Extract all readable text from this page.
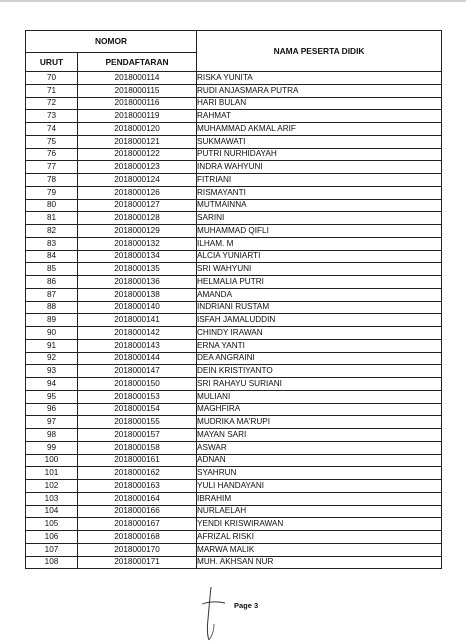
NOMOR		NAMA PESERTA DIDIK
URUT	PENDAFTARAN	
70	2018000114	RISKA YUNITA
71	2018000115	RUDI ANJASMARA PUTRA
72	2018000116	HARI BULAN
73	2018000119	RAHMAT
74	2018000120	MUHAMMAD AKMAL ARIF
75	2018000121	SUKMAWATI
76	2018000122	PUTRI NURHIDAYAH
77	2018000123	INDRA WAHYUNI
78	2018000124	FITRIANI
79	2018000126	RISMAYANTI
80	2018000127	MUTMAINNA
81	2018000128	SARINI
82	2018000129	MUHAMMAD QIFLI
83	2018000132	ILHAM. M
84	2018000134	ALCIA YUNIARTI
85	2018000135	SRI WAHYUNI
86	2018000136	HELMALIA PUTRI
87	2018000138	AMANDA
88	2018000140	INDRIANI RUSTAM
89	2018000141	ISFAH JAMALUDDIN
90	2018000142	CHINDY IRAWAN
91	2018000143	ERNA YANTI
92	2018000144	DEA ANGRAINI
93	2018000147	DEIN KRISTIYANTO
94	2018000150	SRI RAHAYU SURIANI
95	2018000153	MULIANI
96	2018000154	MAGHFIRA
97	2018000155	MUDRIKA MA'RUPI
98	2018000157	MAYAN SARI
99	2018000158	ASWAR
100	2018000161	ADNAN
101	2018000162	SYAHRUN
102	2018000163	YULI HANDAYANI
103	2018000164	IBRAHIM
104	2018000166	NURLAELAH
105	2018000167	YENDI KRISWIRAWAN
106	2018000168	AFRIZAL RISKI
107	2018000170	MARWA MALIK
108	2018000171	MUH. AKHSAN NUR
Page 3
